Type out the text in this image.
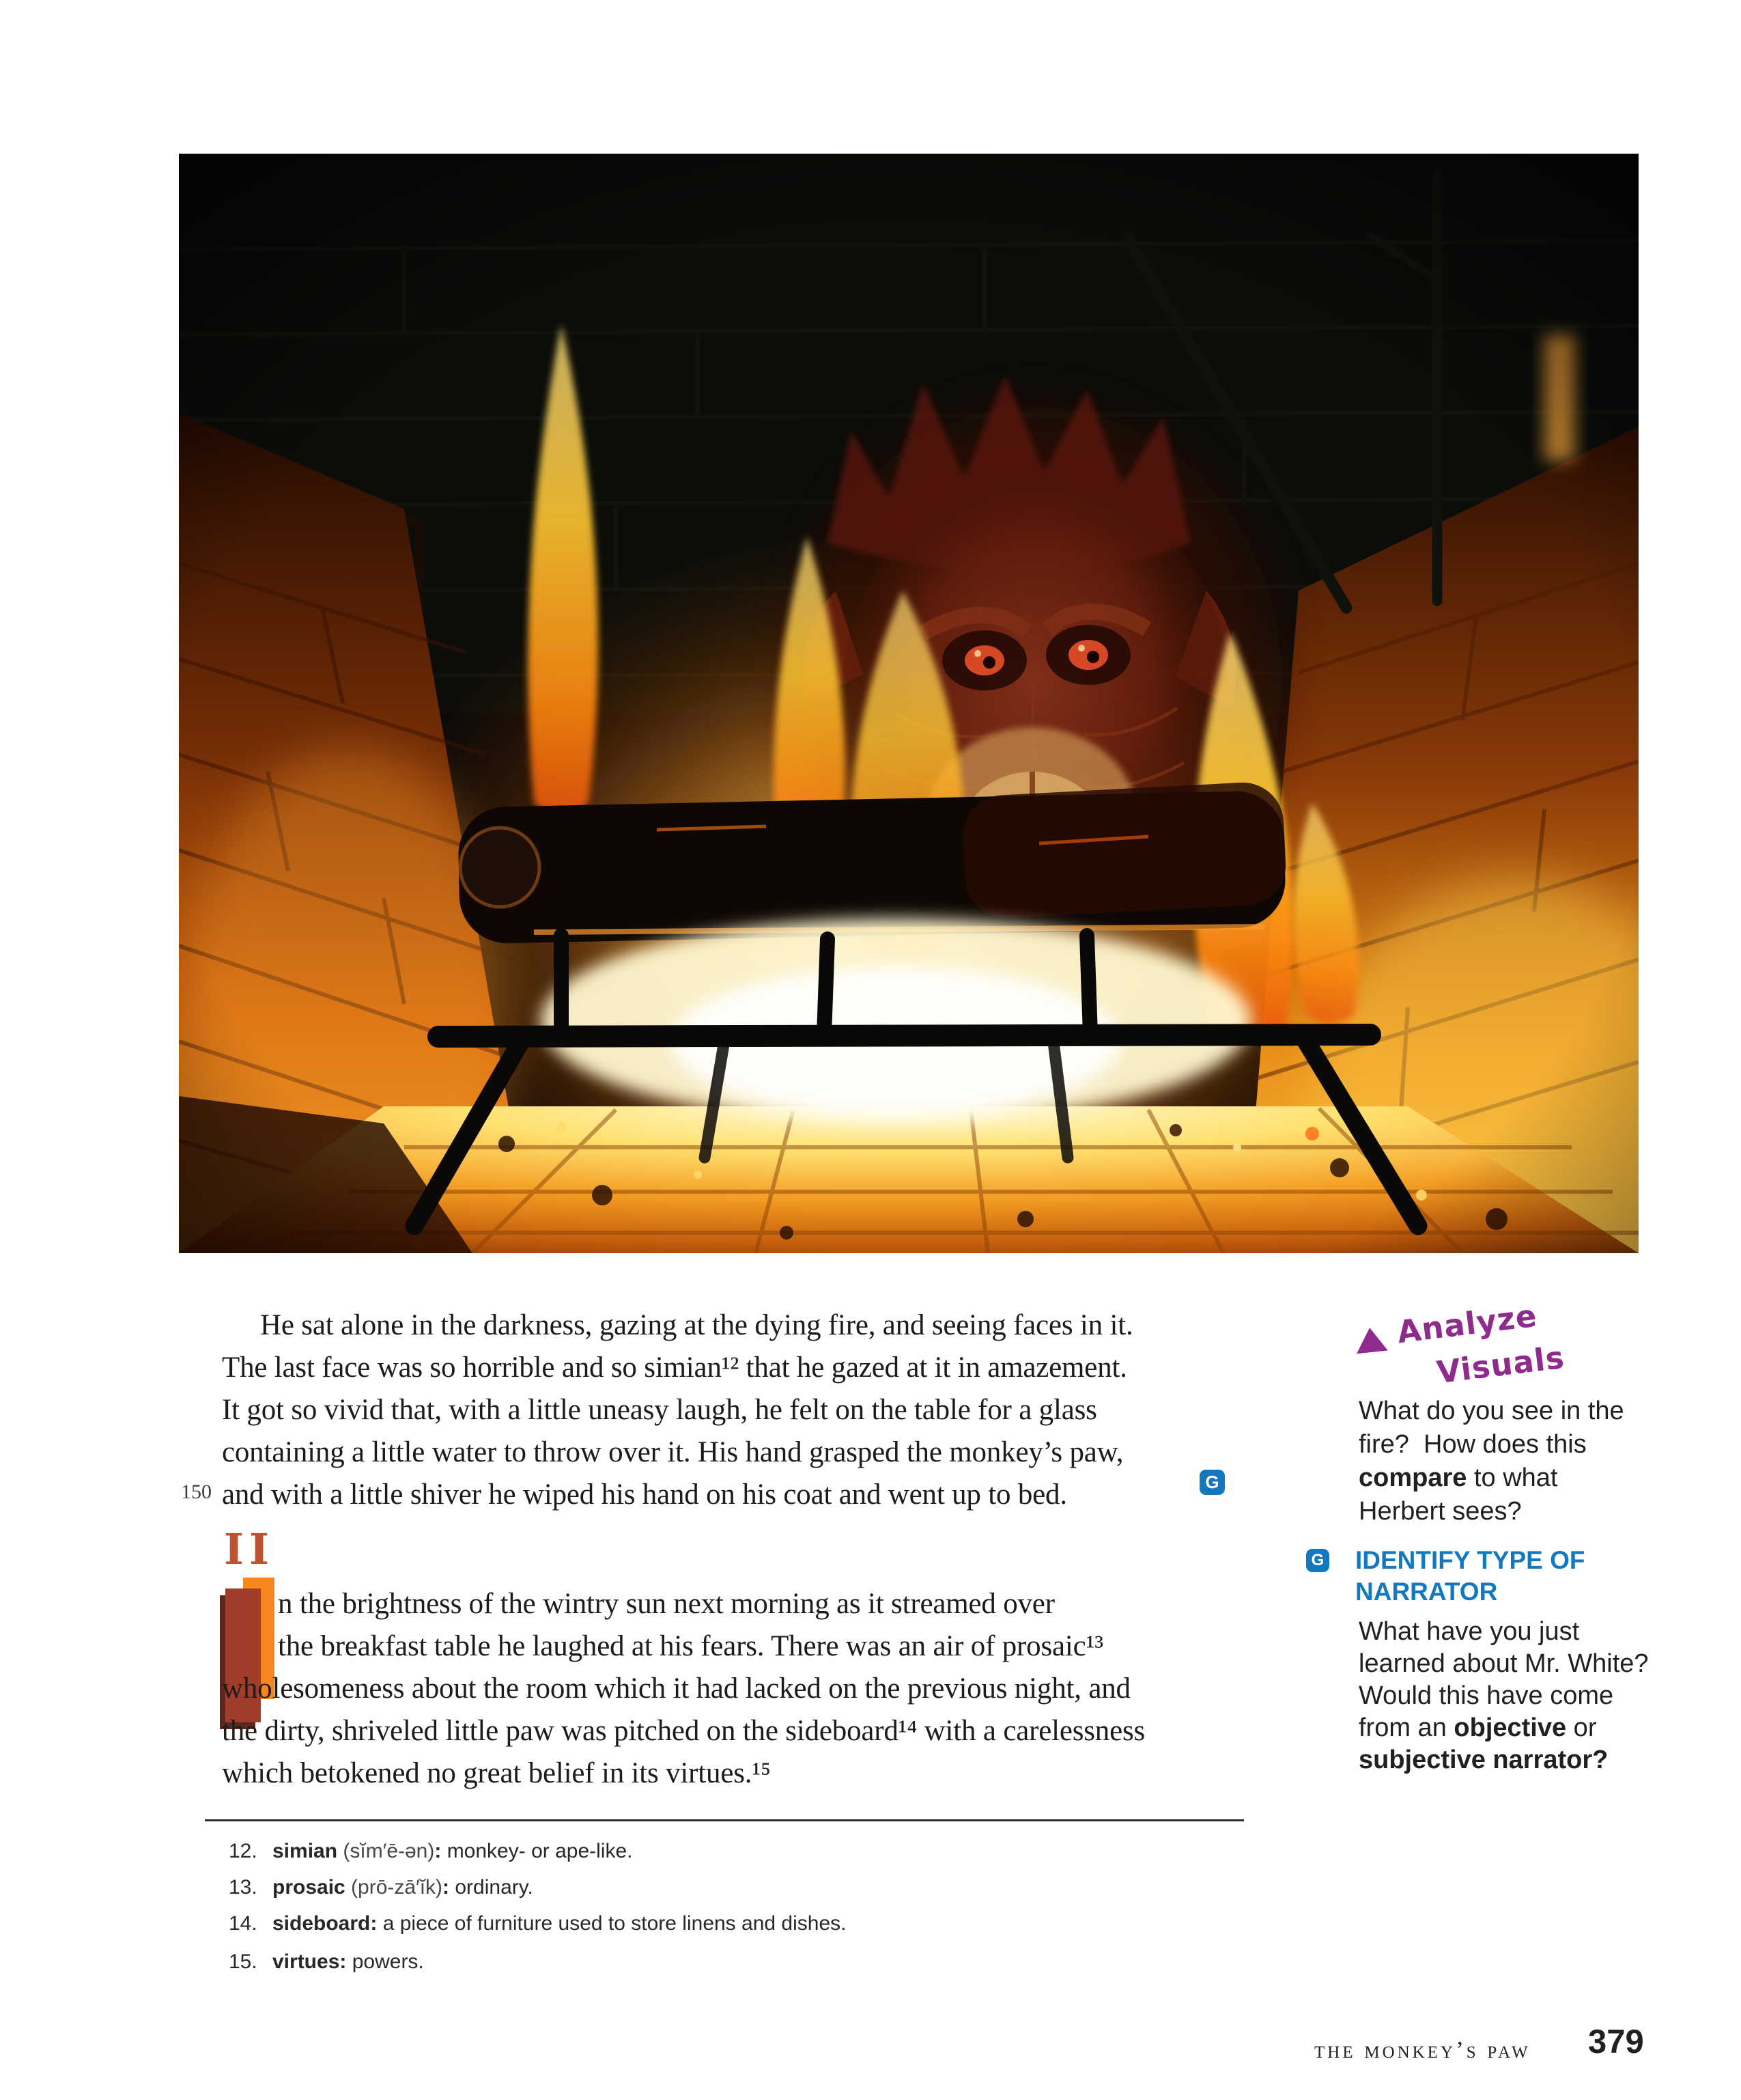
150
He sat alone in the darkness, gazing at the dying fire, and seeing faces in it.
The last face was so horrible and so simian¹² that he gazed at it in amazement.
It got so vivid that, with a little uneasy laugh, he felt on the table for a glass
containing a little water to throw over it. His hand grasped the monkey’s paw,
and with a little shiver he wiped his hand on his coat and went up to bed.	G
II
n the brightness of the wintry sun next morning as it streamed over
the breakfast table he laughed at his fears. There was an air of prosaic¹³
wholesomeness about the room which it had lacked on the previous night, and
the dirty, shriveled little paw was pitched on the sideboard¹⁴ with a carelessness
which betokened no great belief in its virtues.¹⁵
12. simian (sĭm′ē-ən): monkey- or ape-like.
13. prosaic (prō-zā′ĭk): ordinary.
14. sideboard: a piece of furniture used to store linens and dishes.
15. virtues: powers.
Analyze
Visuals
What do you see in the fire?  How does this compare to what Herbert sees?
G IDENTIFY TYPE OF
NARRATOR
What have you just learned about Mr. White?  Would this have come from an objective or subjective narrator?
the monkey’s paw 379
